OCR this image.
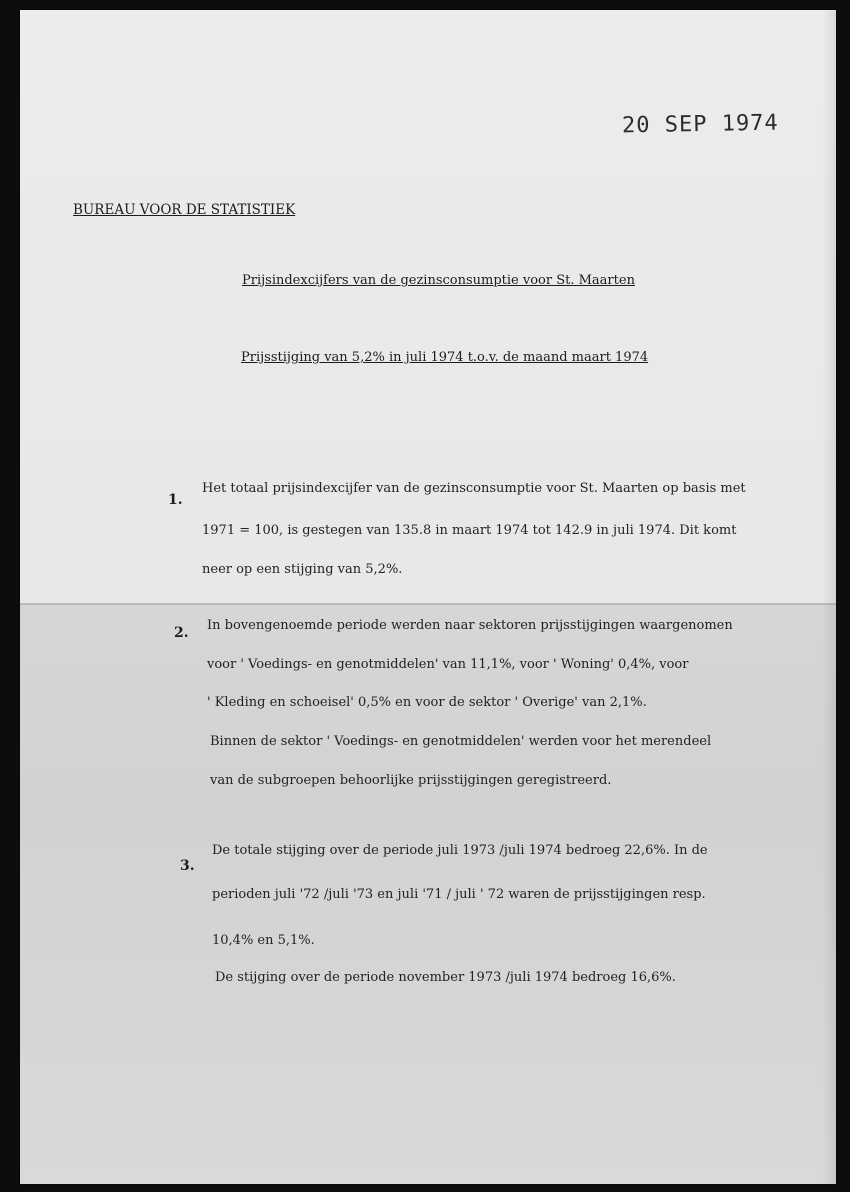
20 SEP 1974
BUREAU VOOR DE STATISTIEK
Prijsindexcijfers van de gezinsconsumptie voor St. Maarten
Prijsstijging van 5,2% in juli 1974 t.o.v. de maand maart 1974
1.
Het totaal prijsindexcijfer van de gezinsconsumptie voor St. Maarten op basis met
1971 = 100, is gestegen van 135.8 in maart 1974 tot 142.9 in juli 1974. Dit komt
neer op een stijging van 5,2%.
2. In bovengenoemde periode werden naar sektoren prijsstijgingen waargenomen
voor ' Voedings- en genotmiddelen' van 11,1%, voor ' Woning' 0,4%, voor
' Kleding en schoeisel' 0,5% en voor de sektor ' Overige' van 2,1%.
Binnen de sektor ' Voedings- en genotmiddelen' werden voor het merendeel
van de subgroepen behoorlijke prijsstijgingen geregistreerd.
3.
De totale stijging over de periode juli 1973 /juli 1974 bedroeg 22,6%. In de
perioden juli '72 /juli '73 en juli '71 / juli ' 72 waren de prijsstijgingen resp.
10,4% en 5,1%.
De stijging over de periode november 1973 /juli 1974 bedroeg 16,6%.
